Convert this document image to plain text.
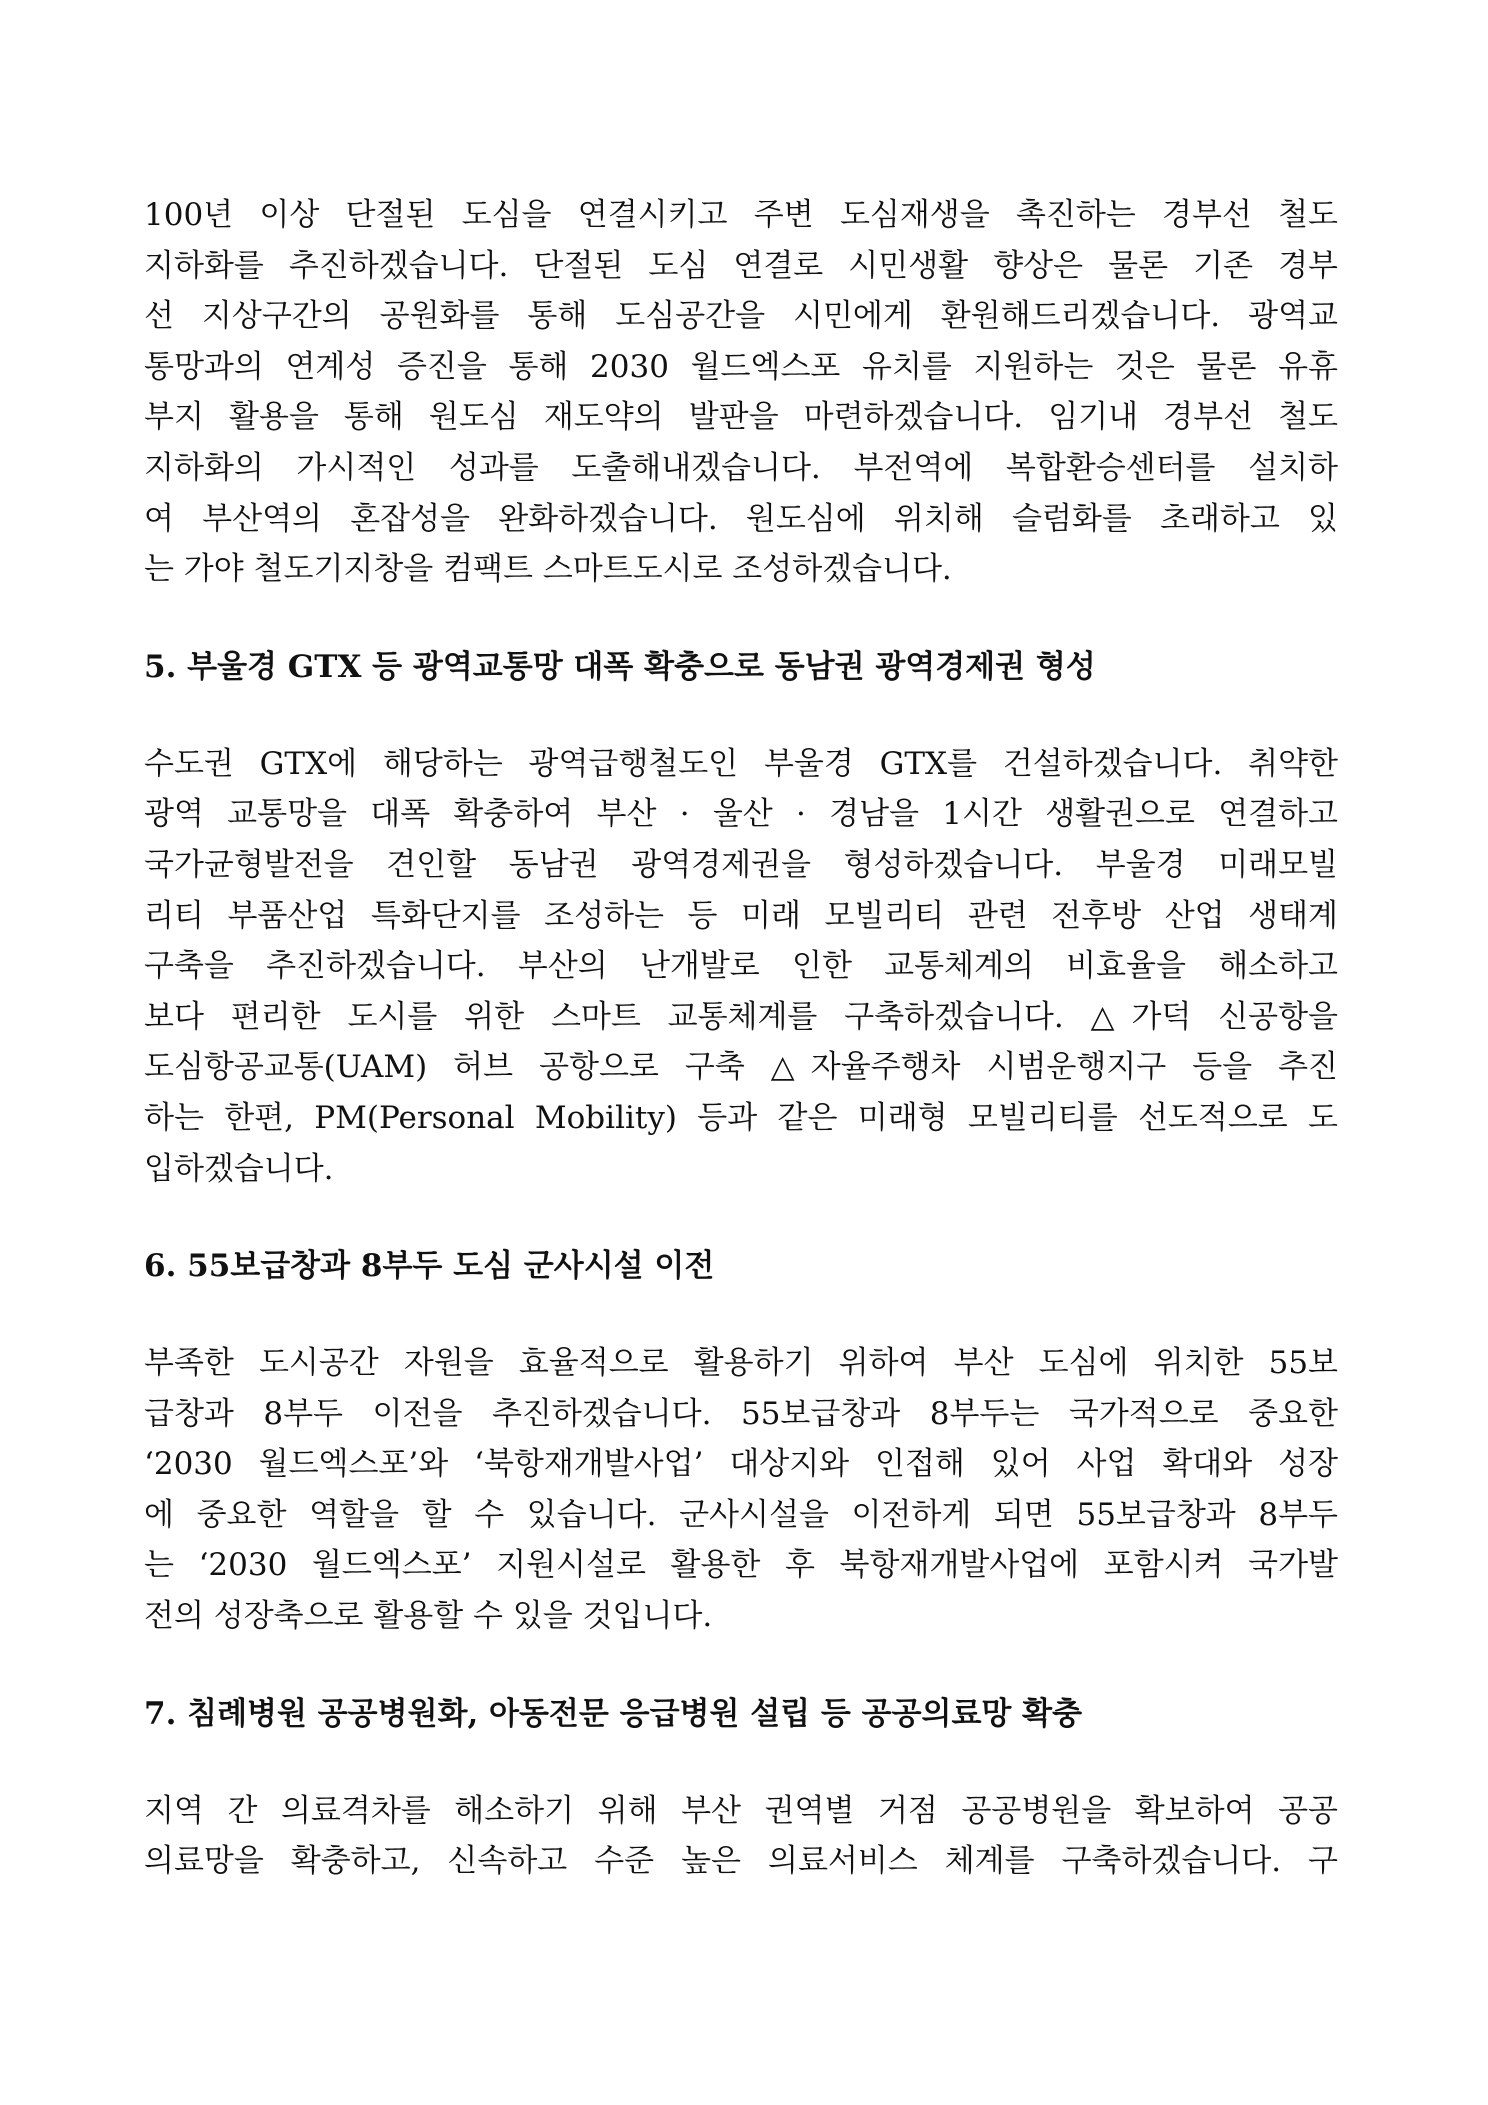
100년 이상 단절된 도심을 연결시키고 주변 도심재생을 촉진하는 경부선 철도
지하화를 추진하겠습니다. 단절된 도심 연결로 시민생활 향상은 물론 기존 경부
선 지상구간의 공원화를 통해 도심공간을 시민에게 환원해드리겠습니다. 광역교
통망과의 연계성 증진을 통해 2030 월드엑스포 유치를 지원하는 것은 물론 유휴
부지 활용을 통해 원도심 재도약의 발판을 마련하겠습니다. 임기내 경부선 철도
지하화의 가시적인 성과를 도출해내겠습니다. 부전역에 복합환승센터를 설치하
여 부산역의 혼잡성을 완화하겠습니다. 원도심에 위치해 슬럼화를 초래하고 있
는 가야 철도기지창을 컴팩트 스마트도시로 조성하겠습니다.
5. 부울경 GTX 등 광역교통망 대폭 확충으로 동남권 광역경제권 형성
수도권 GTX에 해당하는 광역급행철도인 부울경 GTX를 건설하겠습니다. 취약한
광역 교통망을 대폭 확충하여 부산 · 울산 · 경남을 1시간 생활권으로 연결하고
국가균형발전을 견인할 동남권 광역경제권을 형성하겠습니다. 부울경 미래모빌
리티 부품산업 특화단지를 조성하는 등 미래 모빌리티 관련 전후방 산업 생태계
구축을 추진하겠습니다. 부산의 난개발로 인한 교통체계의 비효율을 해소하고
보다 편리한 도시를 위한 스마트 교통체계를 구축하겠습니다. △가덕 신공항을
도심항공교통(UAM) 허브 공항으로 구축 △자율주행차 시범운행지구 등을 추진
하는 한편, PM(Personal Mobility) 등과 같은 미래형 모빌리티를 선도적으로 도
입하겠습니다.
6. 55보급창과 8부두 도심 군사시설 이전
부족한 도시공간 자원을 효율적으로 활용하기 위하여 부산 도심에 위치한 55보
급창과 8부두 이전을 추진하겠습니다. 55보급창과 8부두는 국가적으로 중요한
‘2030 월드엑스포’와 ‘북항재개발사업’ 대상지와 인접해 있어 사업 확대와 성장
에 중요한 역할을 할 수 있습니다. 군사시설을 이전하게 되면 55보급창과 8부두
는 ‘2030 월드엑스포’ 지원시설로 활용한 후 북항재개발사업에 포함시켜 국가발
전의 성장축으로 활용할 수 있을 것입니다.
7. 침례병원 공공병원화, 아동전문 응급병원 설립 등 공공의료망 확충
지역 간 의료격차를 해소하기 위해 부산 권역별 거점 공공병원을 확보하여 공공
의료망을 확충하고, 신속하고 수준 높은 의료서비스 체계를 구축하겠습니다. 구
